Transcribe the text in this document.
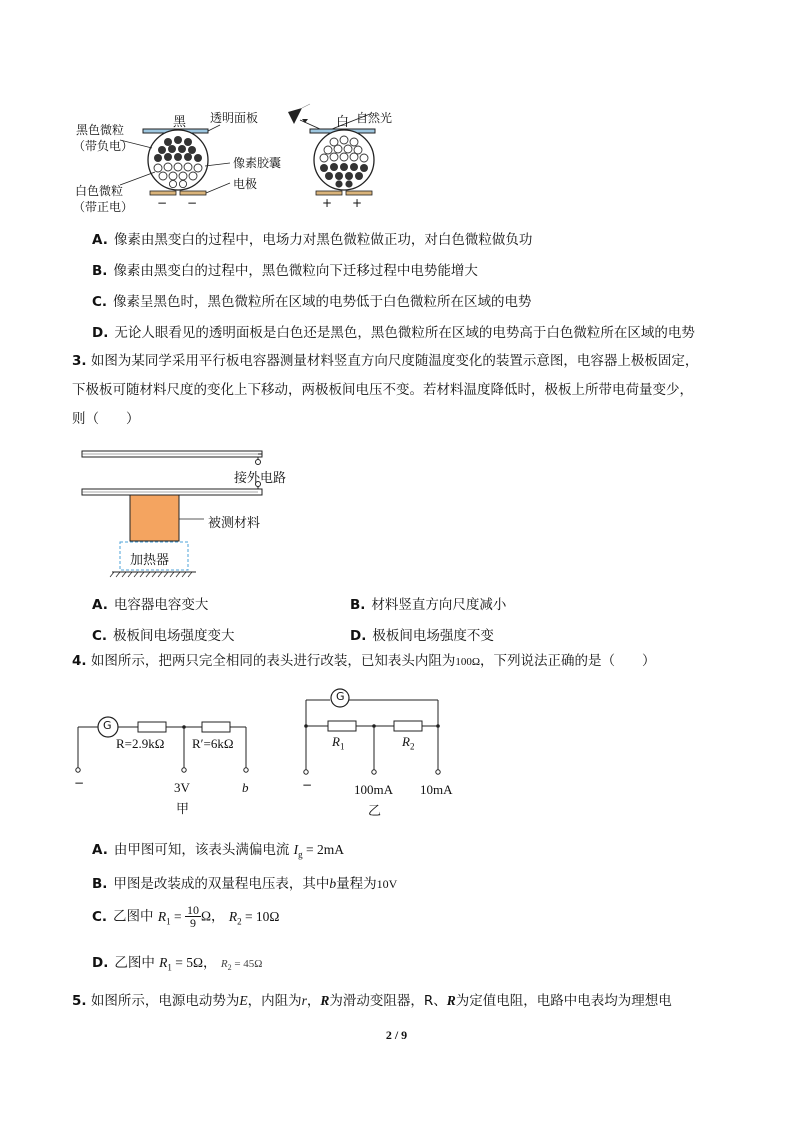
黑 透明面板
黑色微粒
（带负电）
像素胶囊
电极
白色微粒
（带正电） − −
白 自然光
+ +
A. 像素由黑变白的过程中，电场力对黑色微粒做正功，对白色微粒做负功
B. 像素由黑变白的过程中，黑色微粒向下迁移过程中电势能增大
C. 像素呈黑色时，黑色微粒所在区域的电势低于白色微粒所在区域的电势
D. 无论人眼看见的透明面板是白色还是黑色，黑色微粒所在区域的电势高于白色微粒所在区域的电势
3. 如图为某同学采用平行板电容器测量材料竖直方向尺度随温度变化的装置示意图，电容器上极板固定，
下极板可随材料尺度的变化上下移动，两极板间电压不变。若材料温度降低时，极板上所带电荷量变少，
则（　　）
接外电路
被测材料
加热器
A. 电容器电容变大	B. 材料竖直方向尺度减小
C. 极板间电场强度变大	D. 极板间电场强度不变
4. 如图所示，把两只完全相同的表头进行改装，已知表头内阻为100Ω，下列说法正确的是（　　）
G
R=2.9kΩ R′=6kΩ
−	3V	b
甲
G
$R_1$	$R_2$
−	100mA 10mA
乙
A. 由甲图可知，该表头满偏电流 $I_g = 2mA$
B. 甲图是改装成的双量程电压表，其中b量程为10V
C. 乙图中 $R_1 = \frac{10}{9}$ Ω， $R_2 = 10\Omega$
D. 乙图中 $R_1 = 5\Omega$， $R_2 = 45\Omega$
5. 如图所示，电源电动势为E，内阻为r，R为滑动变阻器，R、R为定值电阻，电路中电表均为理想电
2 / 9
